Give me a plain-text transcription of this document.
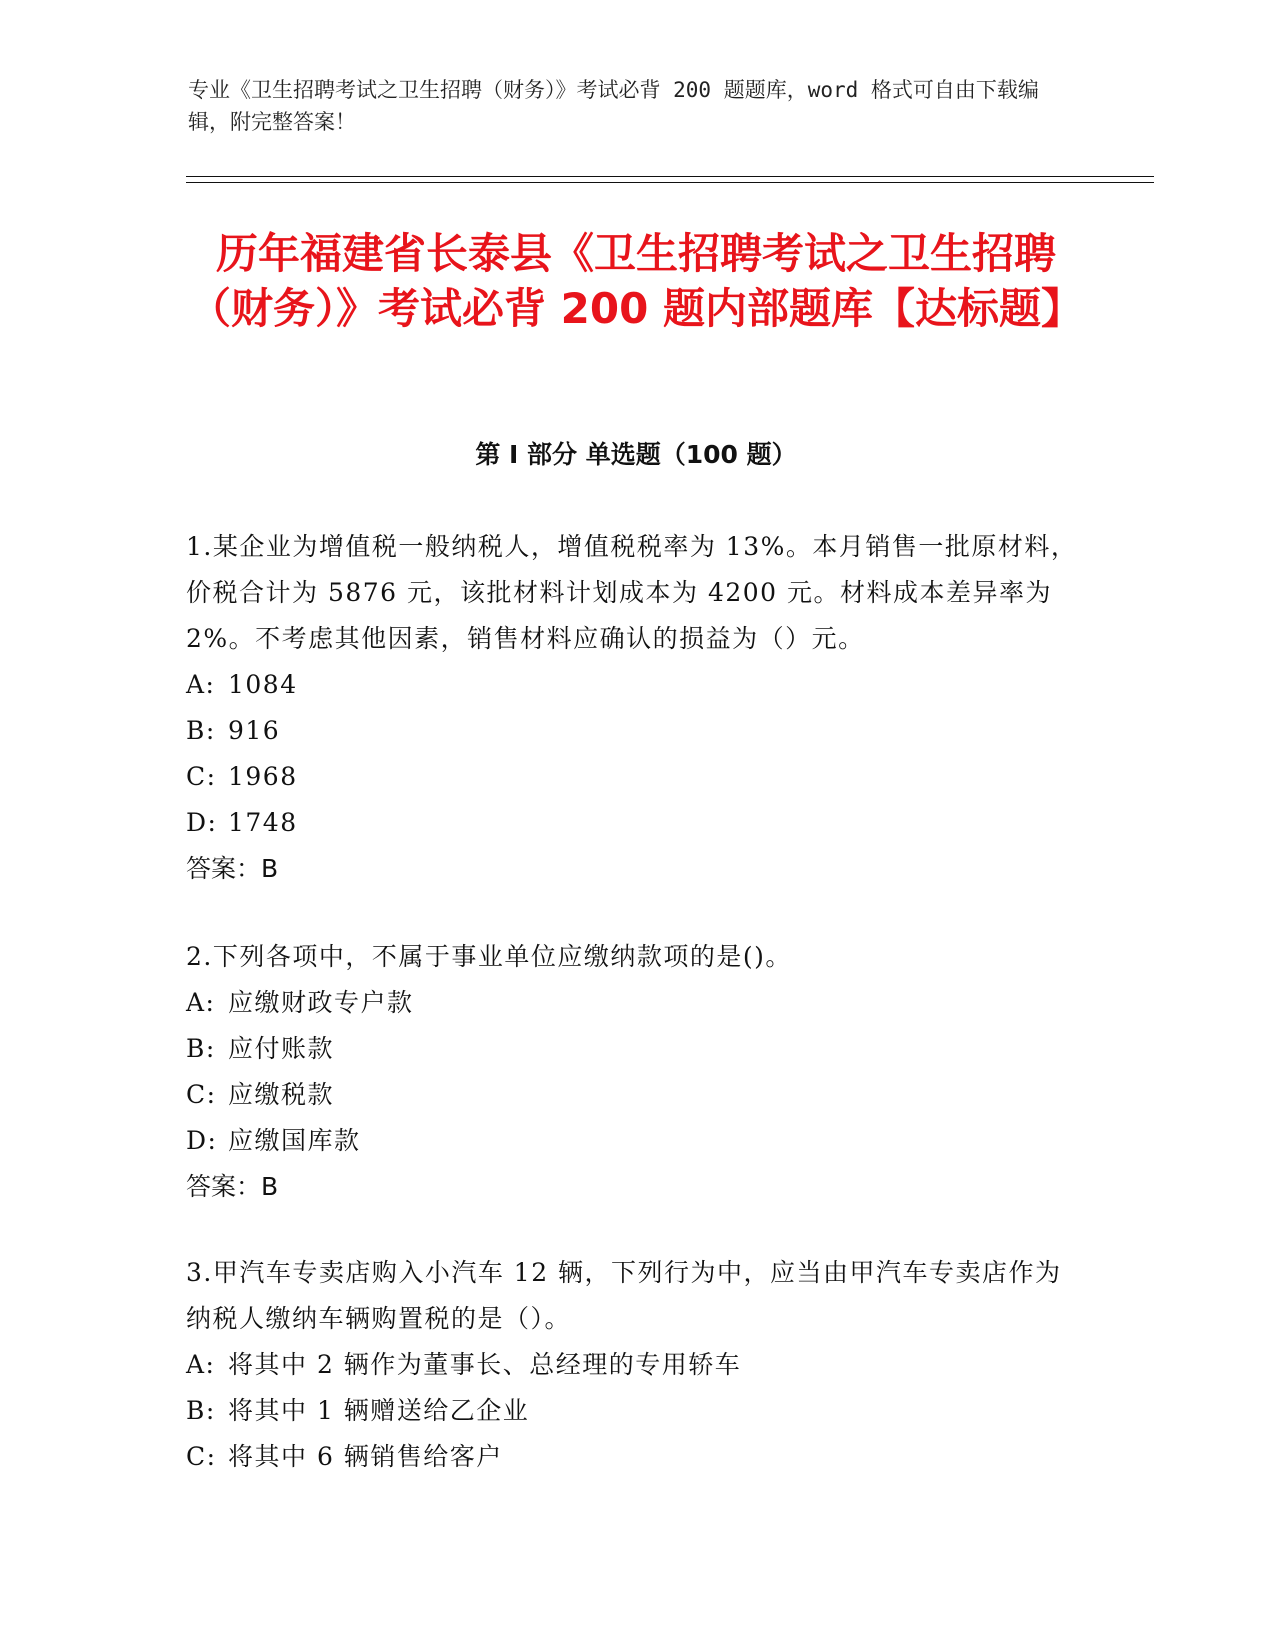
专业《卫生招聘考试之卫生招聘（财务）》考试必背 200 题题库，word 格式可自由下载编辑，附完整答案！

历年福建省长泰县《卫生招聘考试之卫生招聘（财务）》考试必背 200 题内部题库【达标题】
第 I 部分 单选题（100 题）

1.某企业为增值税一般纳税人，增值税税率为 13%。本月销售一批原材料，价税合计为 5876 元，该批材料计划成本为 4200 元。材料成本差异率为 2%。不考虑其他因素，销售材料应确认的损益为（）元。

A: 1084

B: 916

C: 1968

D: 1748

答案：B

2.下列各项中，不属于事业单位应缴纳款项的是()。

A: 应缴财政专户款

B: 应付账款

C: 应缴税款

D: 应缴国库款

答案：B

3.甲汽车专卖店购入小汽车 12 辆，下列行为中，应当由甲汽车专卖店作为纳税人缴纳车辆购置税的是（）。

A: 将其中 2 辆作为董事长、总经理的专用轿车

B: 将其中 1 辆赠送给乙企业

C: 将其中 6 辆销售给客户
